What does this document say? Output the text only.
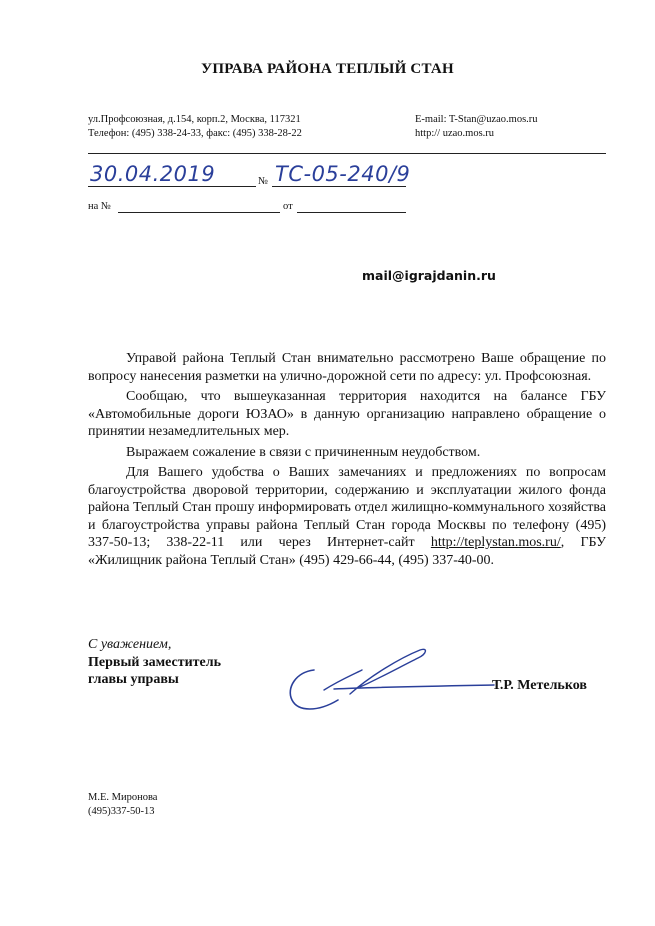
УПРАВА РАЙОНА ТЕПЛЫЙ СТАН
ул.Профсоюзная, д.154, корп.2, Москва, 117321
Телефон: (495) 338-24-33, факс: (495) 338-28-22
E-mail: T-Stan@uzao.mos.ru
http:// uzao.mos.ru
30.04.2019	№ ТС-05-240/9
на №	от
mail@igrajdanin.ru

Управой района Теплый Стан внимательно рассмотрено Ваше обращение по вопросу нанесения разметки на улично-дорожной сети по адресу: ул. Профсоюзная.

Сообщаю, что вышеуказанная территория находится на балансе ГБУ «Автомобильные дороги ЮЗАО» в данную организацию направлено обращение о принятии незамедлительных мер.

Выражаем сожаление в связи с причиненным неудобством.

Для Вашего удобства о Ваших замечаниях и предложениях по вопросам благоустройства дворовой территории, содержанию и эксплуатации жилого фонда района Теплый Стан прошу информировать отдел жилищно-коммунального хозяйства и благоустройства управы района Теплый Стан города Москвы по телефону (495) 337-50-13; 338-22-11 или через Интернет-сайт http://teplystan.mos.ru/, ГБУ «Жилищник района Теплый Стан» (495) 429-66-44, (495) 337-40-00.

С уважением,
Первый заместитель
главы управы	Т.Р. Метельков
М.Е. Миронова
(495)337-50-13
